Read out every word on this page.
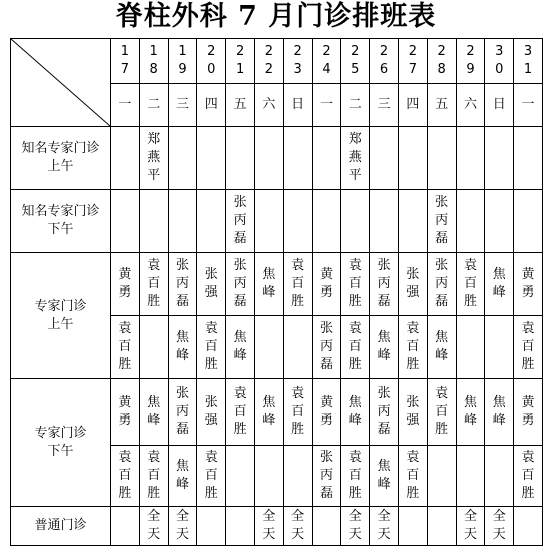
脊柱外科 7 月门诊排班表
	17	18	19	20	21	22	23	24	25	26	27	28	29	30	31
	一	二	三	四	五	六	日	一	二	三	四	五	六	日	一

知名专家门诊
上午		郑燕平							郑燕平						

知名专家门诊
下午					张丙磊							张丙磊			

专家门诊
上午	黄勇	袁百胜	张丙磊	张强	张丙磊	焦峰	袁百胜	黄勇	袁百胜	张丙磊	张强	张丙磊	袁百胜	焦峰	黄勇
	袁百胜		焦峰	袁百胜	焦峰			张丙磊	袁百胜	焦峰	袁百胜	焦峰			袁百胜

专家门诊
下午	黄勇	焦峰	张丙磊	张强	袁百胜	焦峰	袁百胜	黄勇	焦峰	张丙磊	张强	袁百胜	焦峰	焦峰	黄勇
	袁百胜	袁百胜	焦峰	袁百胜				张丙磊	袁百胜	焦峰	袁百胜				袁百胜

普通门诊		全天	全天			全天	全天		全天	全天			全天	全天	
